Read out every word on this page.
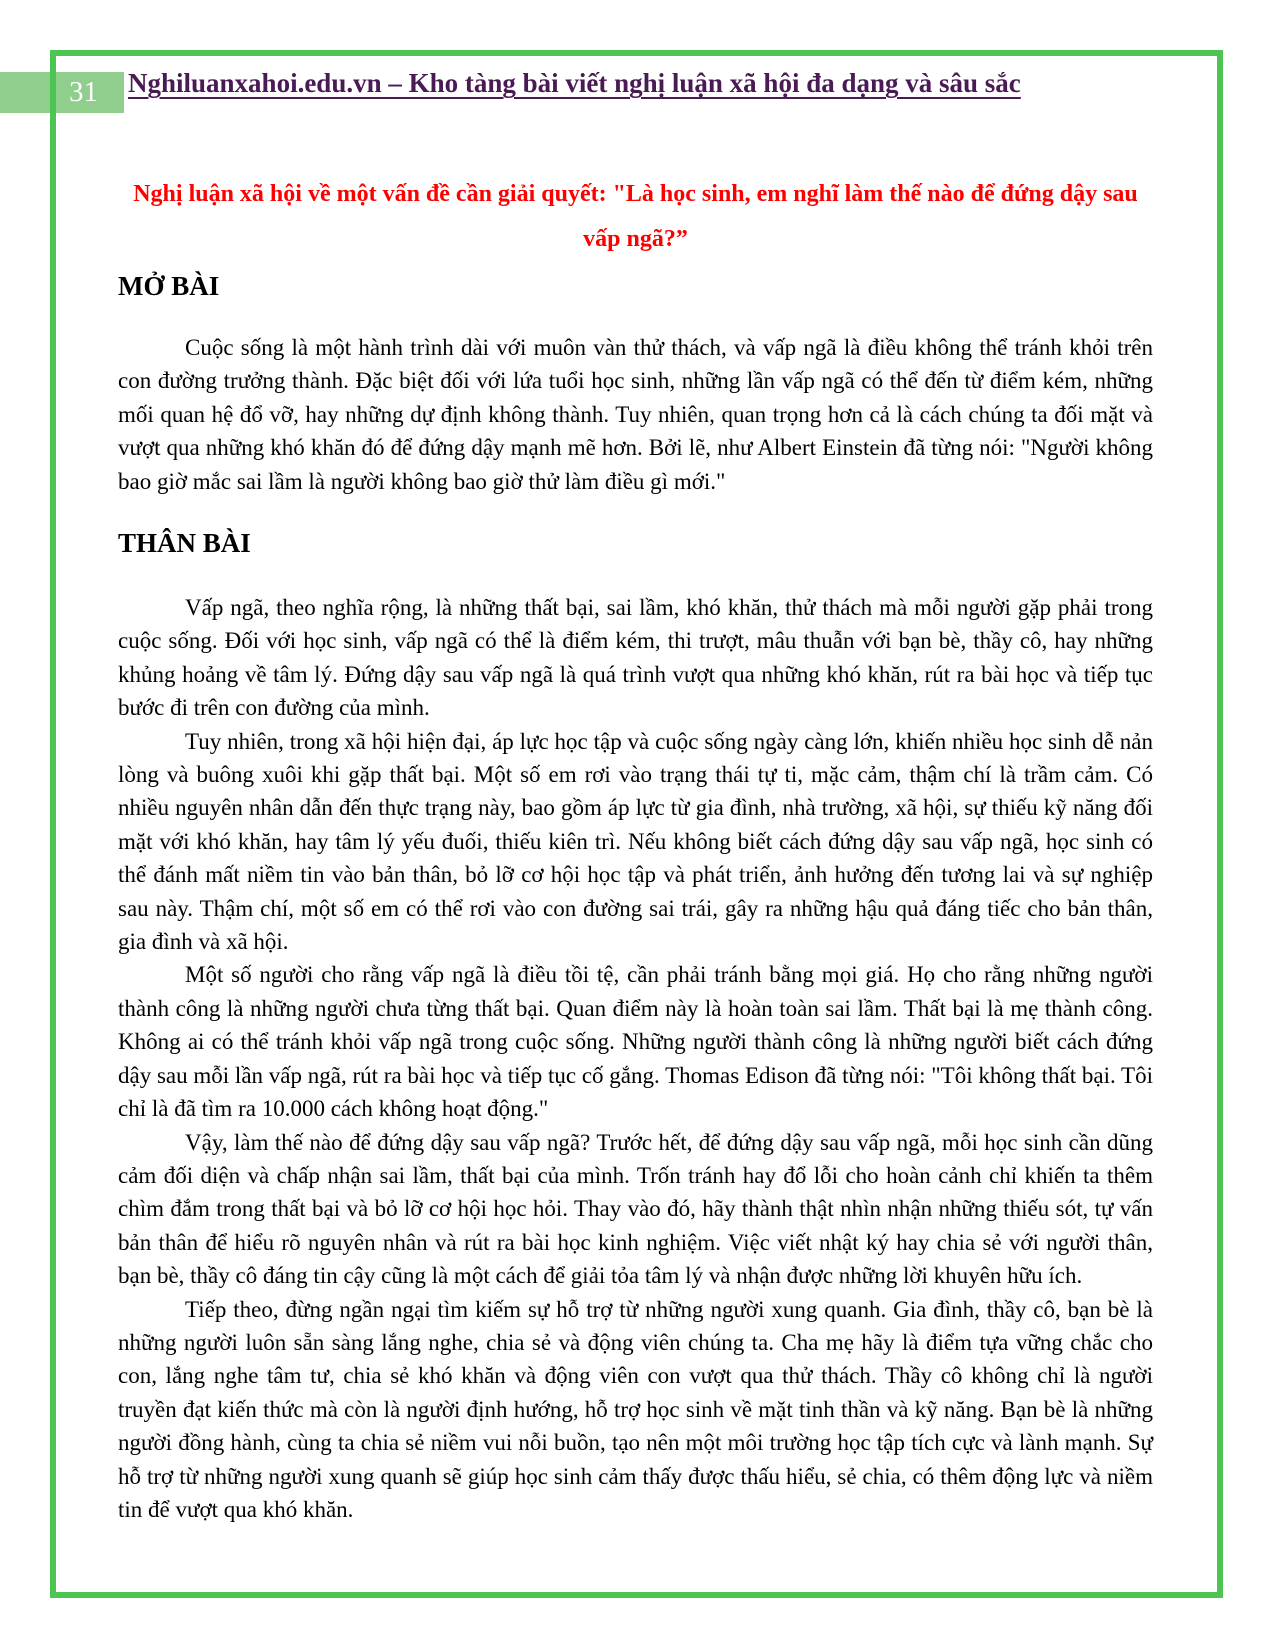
31 Nghiluanxahoi.edu.vn – Kho tàng bài viết nghị luận xã hội đa dạng và sâu sắc
Nghị luận xã hội về một vấn đề cần giải quyết: "Là học sinh, em nghĩ làm thế nào để đứng dậy sau vấp ngã?”
MỞ BÀI

Cuộc sống là một hành trình dài với muôn vàn thử thách, và vấp ngã là điều không thể tránh khỏi trên con đường trưởng thành. Đặc biệt đối với lứa tuổi học sinh, những lần vấp ngã có thể đến từ điểm kém, những mối quan hệ đổ vỡ, hay những dự định không thành. Tuy nhiên, quan trọng hơn cả là cách chúng ta đối mặt và vượt qua những khó khăn đó để đứng dậy mạnh mẽ hơn. Bởi lẽ, như Albert Einstein đã từng nói: "Người không bao giờ mắc sai lầm là người không bao giờ thử làm điều gì mới."

THÂN BÀI

Vấp ngã, theo nghĩa rộng, là những thất bại, sai lầm, khó khăn, thử thách mà mỗi người gặp phải trong cuộc sống. Đối với học sinh, vấp ngã có thể là điểm kém, thi trượt, mâu thuẫn với bạn bè, thầy cô, hay những khủng hoảng về tâm lý. Đứng dậy sau vấp ngã là quá trình vượt qua những khó khăn, rút ra bài học và tiếp tục bước đi trên con đường của mình.

Tuy nhiên, trong xã hội hiện đại, áp lực học tập và cuộc sống ngày càng lớn, khiến nhiều học sinh dễ nản lòng và buông xuôi khi gặp thất bại. Một số em rơi vào trạng thái tự ti, mặc cảm, thậm chí là trầm cảm. Có nhiều nguyên nhân dẫn đến thực trạng này, bao gồm áp lực từ gia đình, nhà trường, xã hội, sự thiếu kỹ năng đối mặt với khó khăn, hay tâm lý yếu đuối, thiếu kiên trì. Nếu không biết cách đứng dậy sau vấp ngã, học sinh có thể đánh mất niềm tin vào bản thân, bỏ lỡ cơ hội học tập và phát triển, ảnh hưởng đến tương lai và sự nghiệp sau này. Thậm chí, một số em có thể rơi vào con đường sai trái, gây ra những hậu quả đáng tiếc cho bản thân, gia đình và xã hội.

Một số người cho rằng vấp ngã là điều tồi tệ, cần phải tránh bằng mọi giá. Họ cho rằng những người thành công là những người chưa từng thất bại. Quan điểm này là hoàn toàn sai lầm. Thất bại là mẹ thành công. Không ai có thể tránh khỏi vấp ngã trong cuộc sống. Những người thành công là những người biết cách đứng dậy sau mỗi lần vấp ngã, rút ra bài học và tiếp tục cố gắng. Thomas Edison đã từng nói: "Tôi không thất bại. Tôi chỉ là đã tìm ra 10.000 cách không hoạt động."

Vậy, làm thế nào để đứng dậy sau vấp ngã? Trước hết, để đứng dậy sau vấp ngã, mỗi học sinh cần dũng cảm đối diện và chấp nhận sai lầm, thất bại của mình. Trốn tránh hay đổ lỗi cho hoàn cảnh chỉ khiến ta thêm chìm đắm trong thất bại và bỏ lỡ cơ hội học hỏi. Thay vào đó, hãy thành thật nhìn nhận những thiếu sót, tự vấn bản thân để hiểu rõ nguyên nhân và rút ra bài học kinh nghiệm. Việc viết nhật ký hay chia sẻ với người thân, bạn bè, thầy cô đáng tin cậy cũng là một cách để giải tỏa tâm lý và nhận được những lời khuyên hữu ích.

Tiếp theo, đừng ngần ngại tìm kiếm sự hỗ trợ từ những người xung quanh. Gia đình, thầy cô, bạn bè là những người luôn sẵn sàng lắng nghe, chia sẻ và động viên chúng ta. Cha mẹ hãy là điểm tựa vững chắc cho con, lắng nghe tâm tư, chia sẻ khó khăn và động viên con vượt qua thử thách. Thầy cô không chỉ là người truyền đạt kiến thức mà còn là người định hướng, hỗ trợ học sinh về mặt tinh thần và kỹ năng. Bạn bè là những người đồng hành, cùng ta chia sẻ niềm vui nỗi buồn, tạo nên một môi trường học tập tích cực và lành mạnh. Sự hỗ trợ từ những người xung quanh sẽ giúp học sinh cảm thấy được thấu hiểu, sẻ chia, có thêm động lực và niềm tin để vượt qua khó khăn.
